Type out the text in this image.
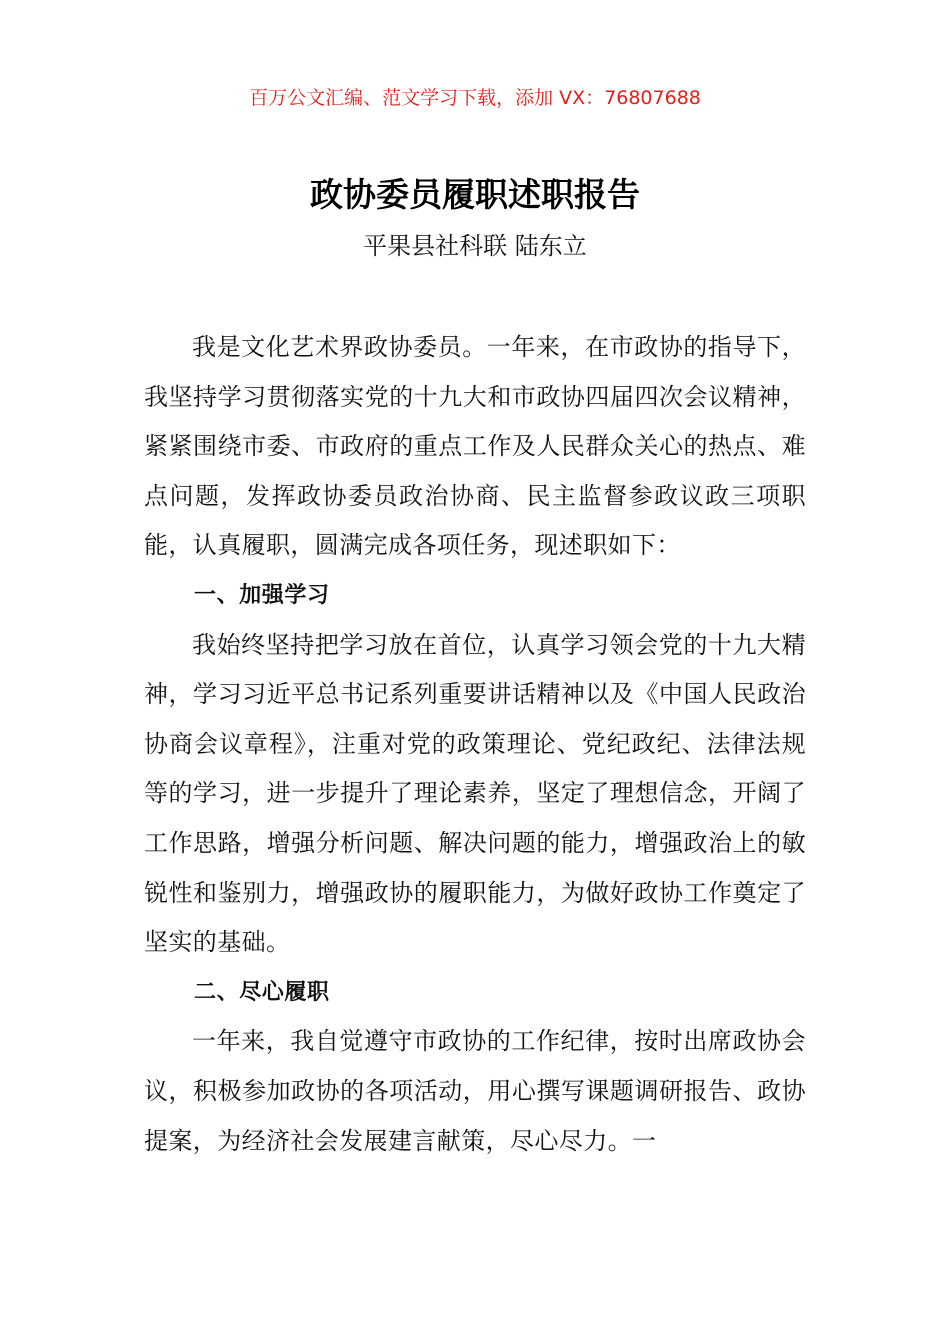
百万公文汇编、范文学习下载，添加 VX：76807688
政协委员履职述职报告
平果县社科联 陆东立

我是文化艺术界政协委员。一年来，在市政协的指导下，我坚持学习贯彻落实党的十九大和市政协四届四次会议精神，紧紧围绕市委、市政府的重点工作及人民群众关心的热点、难点问题，发挥政协委员政治协商、民主监督参政议政三项职能，认真履职，圆满完成各项任务，现述职如下：

一、加强学习

我始终坚持把学习放在首位，认真学习领会党的十九大精神，学习习近平总书记系列重要讲话精神以及《中国人民政治协商会议章程》，注重对党的政策理论、党纪政纪、法律法规等的学习，进一步提升了理论素养，坚定了理想信念，开阔了工作思路，增强分析问题、解决问题的能力，增强政治上的敏锐性和鉴别力，增强政协的履职能力，为做好政协工作奠定了坚实的基础。

二、尽心履职

一年来，我自觉遵守市政协的工作纪律，按时出席政协会议，积极参加政协的各项活动，用心撰写课题调研报告、政协提案，为经济社会发展建言献策，尽心尽力。一
